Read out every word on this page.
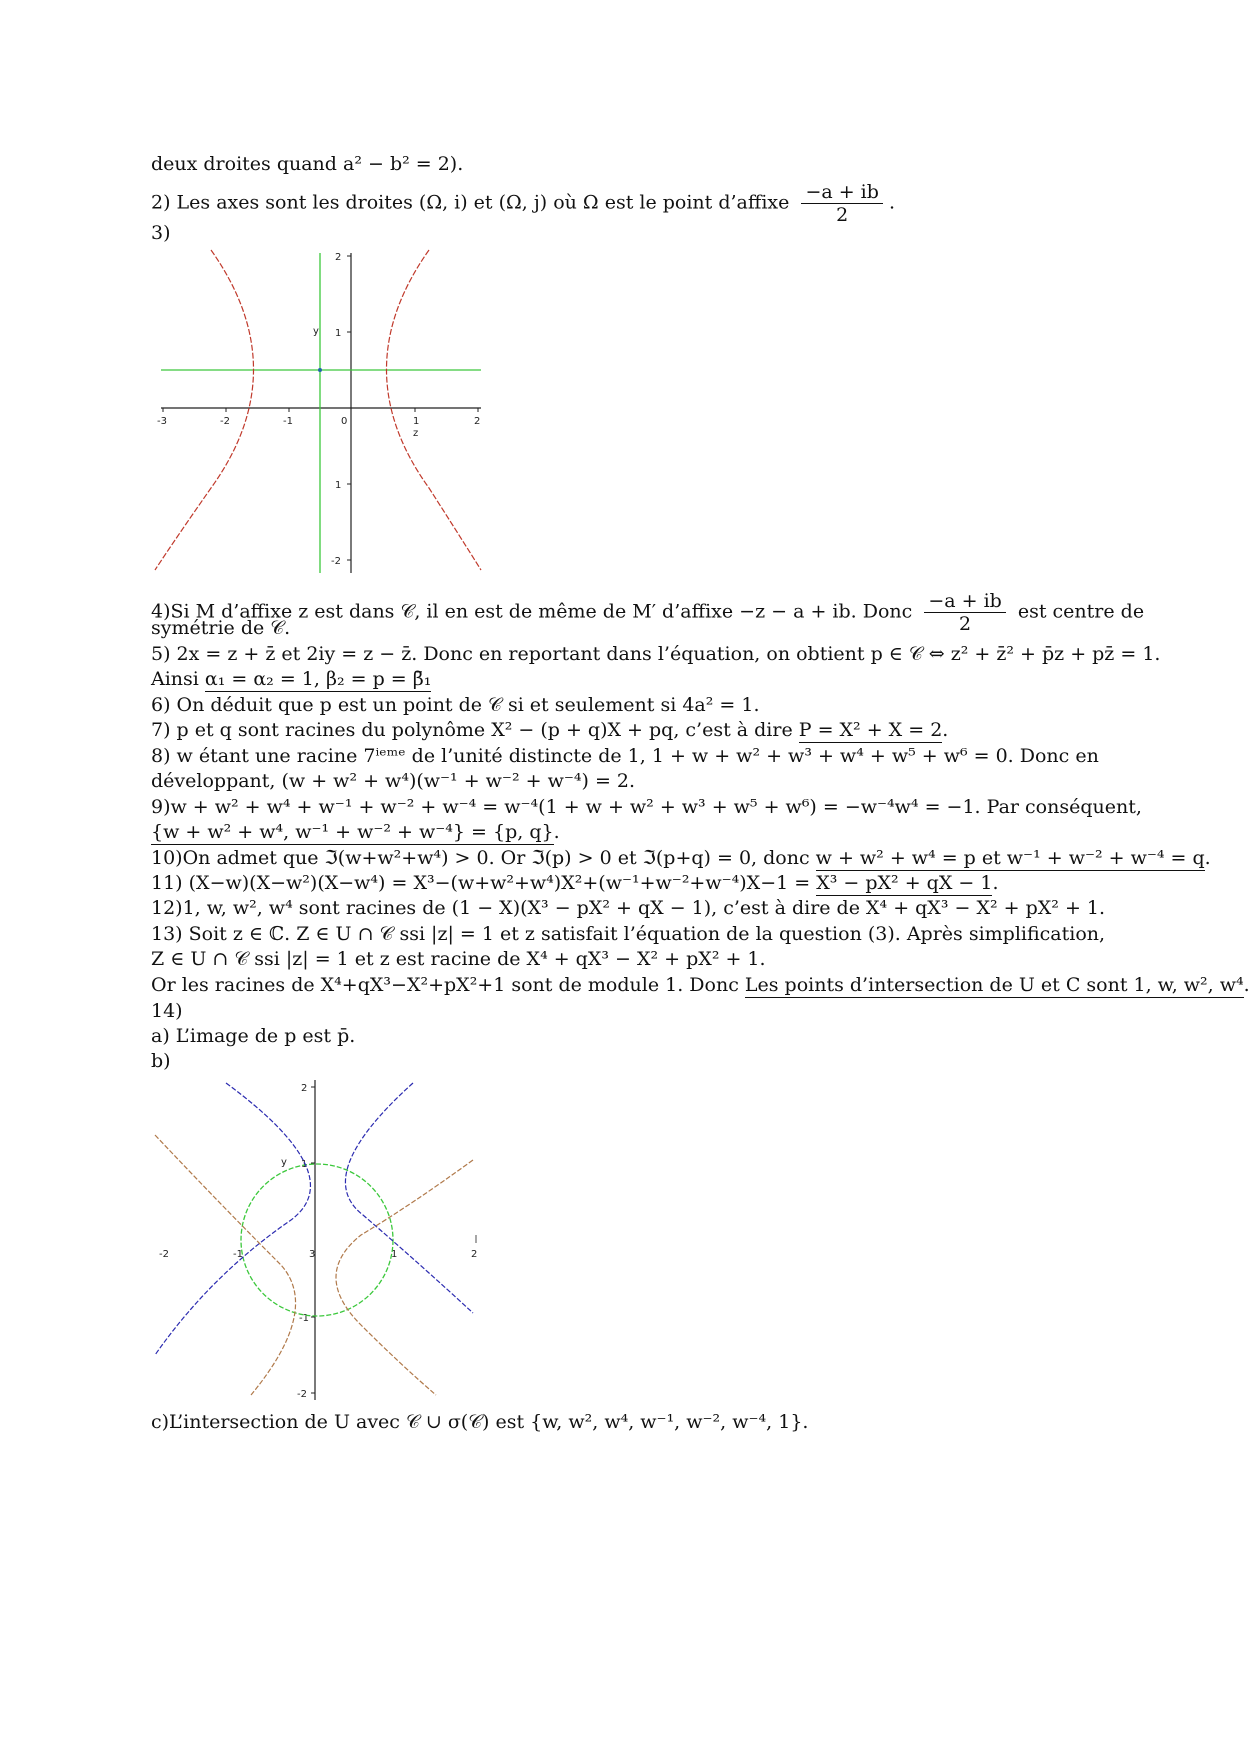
deux droites quand a² − b² = 2).
2) Les axes sont les droites (Ω, i) et (Ω, j) où Ω est le point d’affixe $\frac{-a + ib}{2}$ .
3)
-3	-2	-1	0	1	2
z
2
1
1
-2
y
4)Si M d’affixe z est dans 𝒞, il en est de même de M′ d’affixe −z − a + ib. Donc $\frac{-a + ib}{2}$ est centre de
symétrie de 𝒞.
5) 2x = z + z̄ et 2iy = z − z̄. Donc en reportant dans l’équation, on obtient p ∈ 𝒞 ⇔ z² + z̄² + p̄z + pz̄ = 1.
Ainsi α₁ = α₂ = 1, β₂ = p = β̄₁
6) On déduit que p est un point de 𝒞 si et seulement si 4a² = 1.
7) p et q sont racines du polynôme X² − (p + q)X + pq, c’est à dire P = X² + X = 2.
8) w étant une racine 7ⁱᵉᵐᵉ de l’unité distincte de 1, 1 + w + w² + w³ + w⁴ + w⁵ + w⁶ = 0. Donc en
développant, (w + w² + w⁴)(w⁻¹ + w⁻² + w⁻⁴) = 2.
9)w + w² + w⁴ + w⁻¹ + w⁻² + w⁻⁴ = w⁻⁴(1 + w + w² + w³ + w⁵ + w⁶) = −w⁻⁴w⁴ = −1. Par conséquent,
{w + w² + w⁴, w⁻¹ + w⁻² + w⁻⁴} = {p, q}.
10)On admet que ℑ(w+w²+w⁴) > 0. Or ℑ(p) > 0 et ℑ(p+q) = 0, donc w + w² + w⁴ = p et w⁻¹ + w⁻² + w⁻⁴ = q.
11) (X−w)(X−w²)(X−w⁴) = X³−(w+w²+w⁴)X²+(w⁻¹+w⁻²+w⁻⁴)X−1 = X³ − pX² + qX − 1.
12)1, w, w², w⁴ sont racines de (1 − X)(X³ − pX² + qX − 1), c’est à dire de X⁴ + qX³ − X² + pX² + 1.
13) Soit z ∈ ℂ. Z ∈ U ∩ 𝒞 ssi |z| = 1 et z satisfait l’équation de la question (3). Après simplification,
Z ∈ U ∩ 𝒞 ssi |z| = 1 et z est racine de X⁴ + qX³ − X² + pX² + 1.
Or les racines de X⁴+qX³−X²+pX²+1 sont de module 1. Donc Les points d’intersection de U et C sont 1, w, w², w⁴.
14)
a) L’image de p est p̄.
b)
2
1
-1
-2
y
-2	-1	3	1	2
c)L’intersection de U avec 𝒞 ∪ σ(𝒞) est {w, w², w⁴, w⁻¹, w⁻², w⁻⁴, 1}.
